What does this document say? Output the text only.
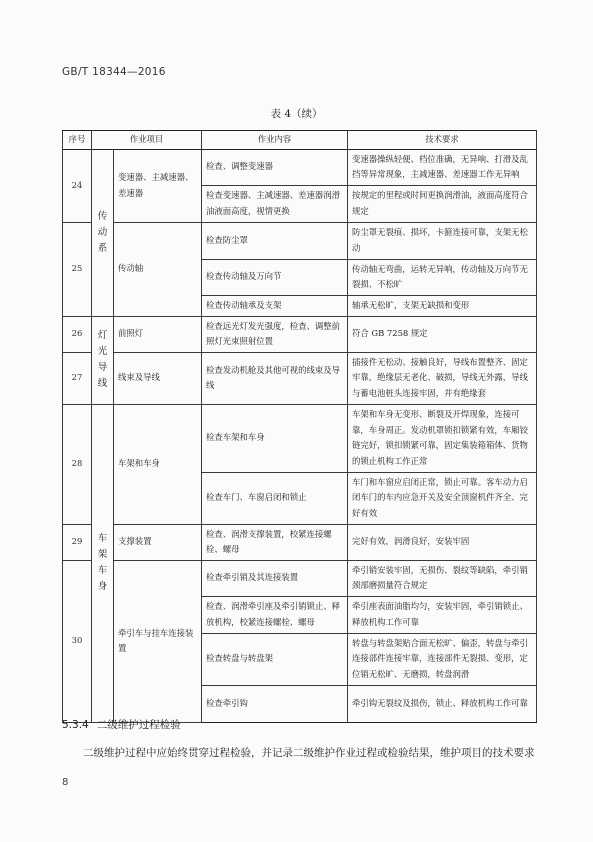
GB/T 18344—2016
表 4（续）
序号	作业项目		作业内容	技术要求
24	传动系	变速器、主减速器、差速器	检查、调整变速器	变速器操纵轻便、档位准确，无异响、打滑及乱挡等异常现象，主减速器、差速器工作无异响
			检查变速器、主减速器、差速器润滑油液面高度，视情更换	按规定的里程或时间更换润滑油，液面高度符合规定
25		传动轴	检查防尘罩	防尘罩无裂痕、损坏，卡箍连接可靠，支架无松动
			检查传动轴及万向节	传动轴无弯曲，运转无异响，传动轴及万向节无裂损、不松旷
			检查传动轴承及支架	轴承无松旷，支架无缺损和变形
26	灯光导线	前照灯	检查远光灯发光强度，检查、调整前照灯光束照射位置	符合 GB 7258 规定
27		线束及导线	检查发动机舱及其他可视的线束及导线	插接件无松动、接触良好，导线布置整齐、固定牢靠，绝缘层无老化、破损，导线无外露，导线与蓄电池桩头连接牢固，并有绝缘套
28	车架车身	车架和车身	检查车架和车身	车架和车身无变形、断裂及开焊现象，连接可靠，车身周正。发动机罩锁扣锁紧有效，车厢铰链完好，锁扣锁紧可靠，固定集装箱箱体、货物的锁止机构工作正常
			检查车门、车窗启闭和锁止	车门和车窗应启闭正常，锁止可靠。客车动力启闭车门的车内应急开关及安全顶窗机件齐全、完好有效
29		支撑装置	检查、润滑支撑装置，校紧连接螺栓、螺母	完好有效，润滑良好，安装牢固
30		牵引车与挂车连接装置	检查牵引销及其连接装置	牵引销安装牢固，无损伤、裂纹等缺陷，牵引销颈部磨损量符合规定
			检查、润滑牵引座及牵引销锁止、释放机构，校紧连接螺栓、螺母	牵引座表面油脂均匀，安装牢固，牵引销锁止、释放机构工作可靠
			检查转盘与转盘架	转盘与转盘架贴合面无松旷、偏歪，转盘与牵引连接部件连接牢靠，连接部件无裂损、变形，定位销无松旷、无磨损，转盘润滑
			检查牵引钩	牵引钩无裂纹及损伤，锁止、释放机构工作可靠
5.3.4 二级维护过程检验
二级维护过程中应始终贯穿过程检验，并记录二级维护作业过程或检验结果，维护项目的技术要求
8
